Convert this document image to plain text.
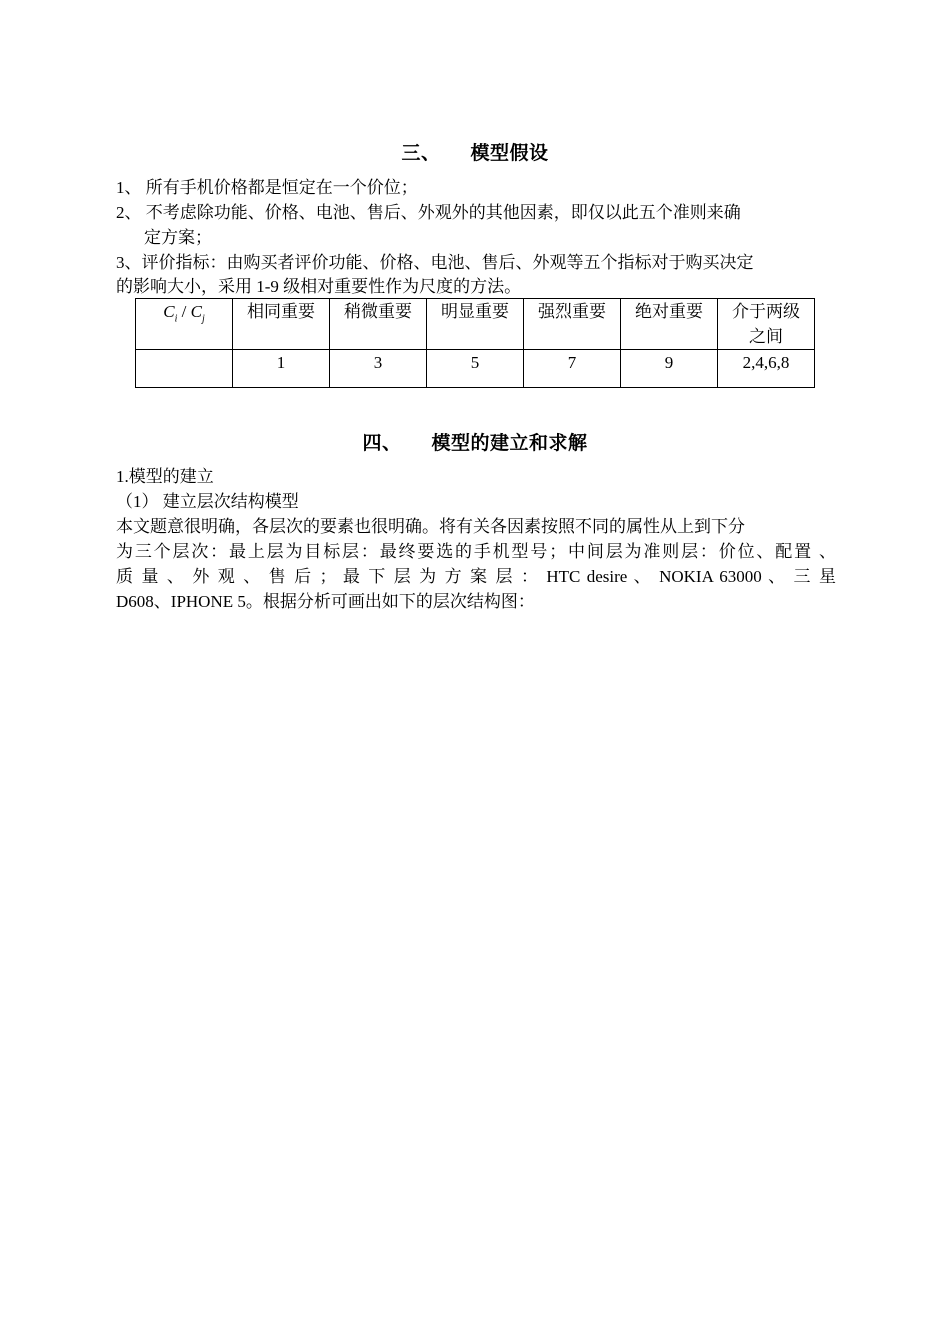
三、 模型假设
1、 所有手机价格都是恒定在一个价位；
2、 不考虑除功能、价格、电池、售后、外观外的其他因素，即仅以此五个准则来确
定方案；
3、评价指标：由购买者评价功能、价格、电池、售后、外观等五个指标对于购买决定
的影响大小，采用 1-9 级相对重要性作为尺度的方法。
$C_i / C_j$	相同重要	稍微重要	明显重要	强烈重要	绝对重要	介于两级
之间

	1	3	5	7	9	2,4,6,8
四、 模型的建立和求解
1.模型的建立
（1） 建立层次结构模型
本文题意很明确，各层次的要素也很明确。将有关各因素按照不同的属性从上到下分
为三个层次：最上层为目标层：最终要选的手机型号；中间层为准则层：价位、配置 、
质 量 、 外 观 、 售 后 ； 最 下 层 为 方 案 层 ： HTC desire 、 NOKIA 63000 、 三 星
D608、IPHONE 5。根据分析可画出如下的层次结构图：
